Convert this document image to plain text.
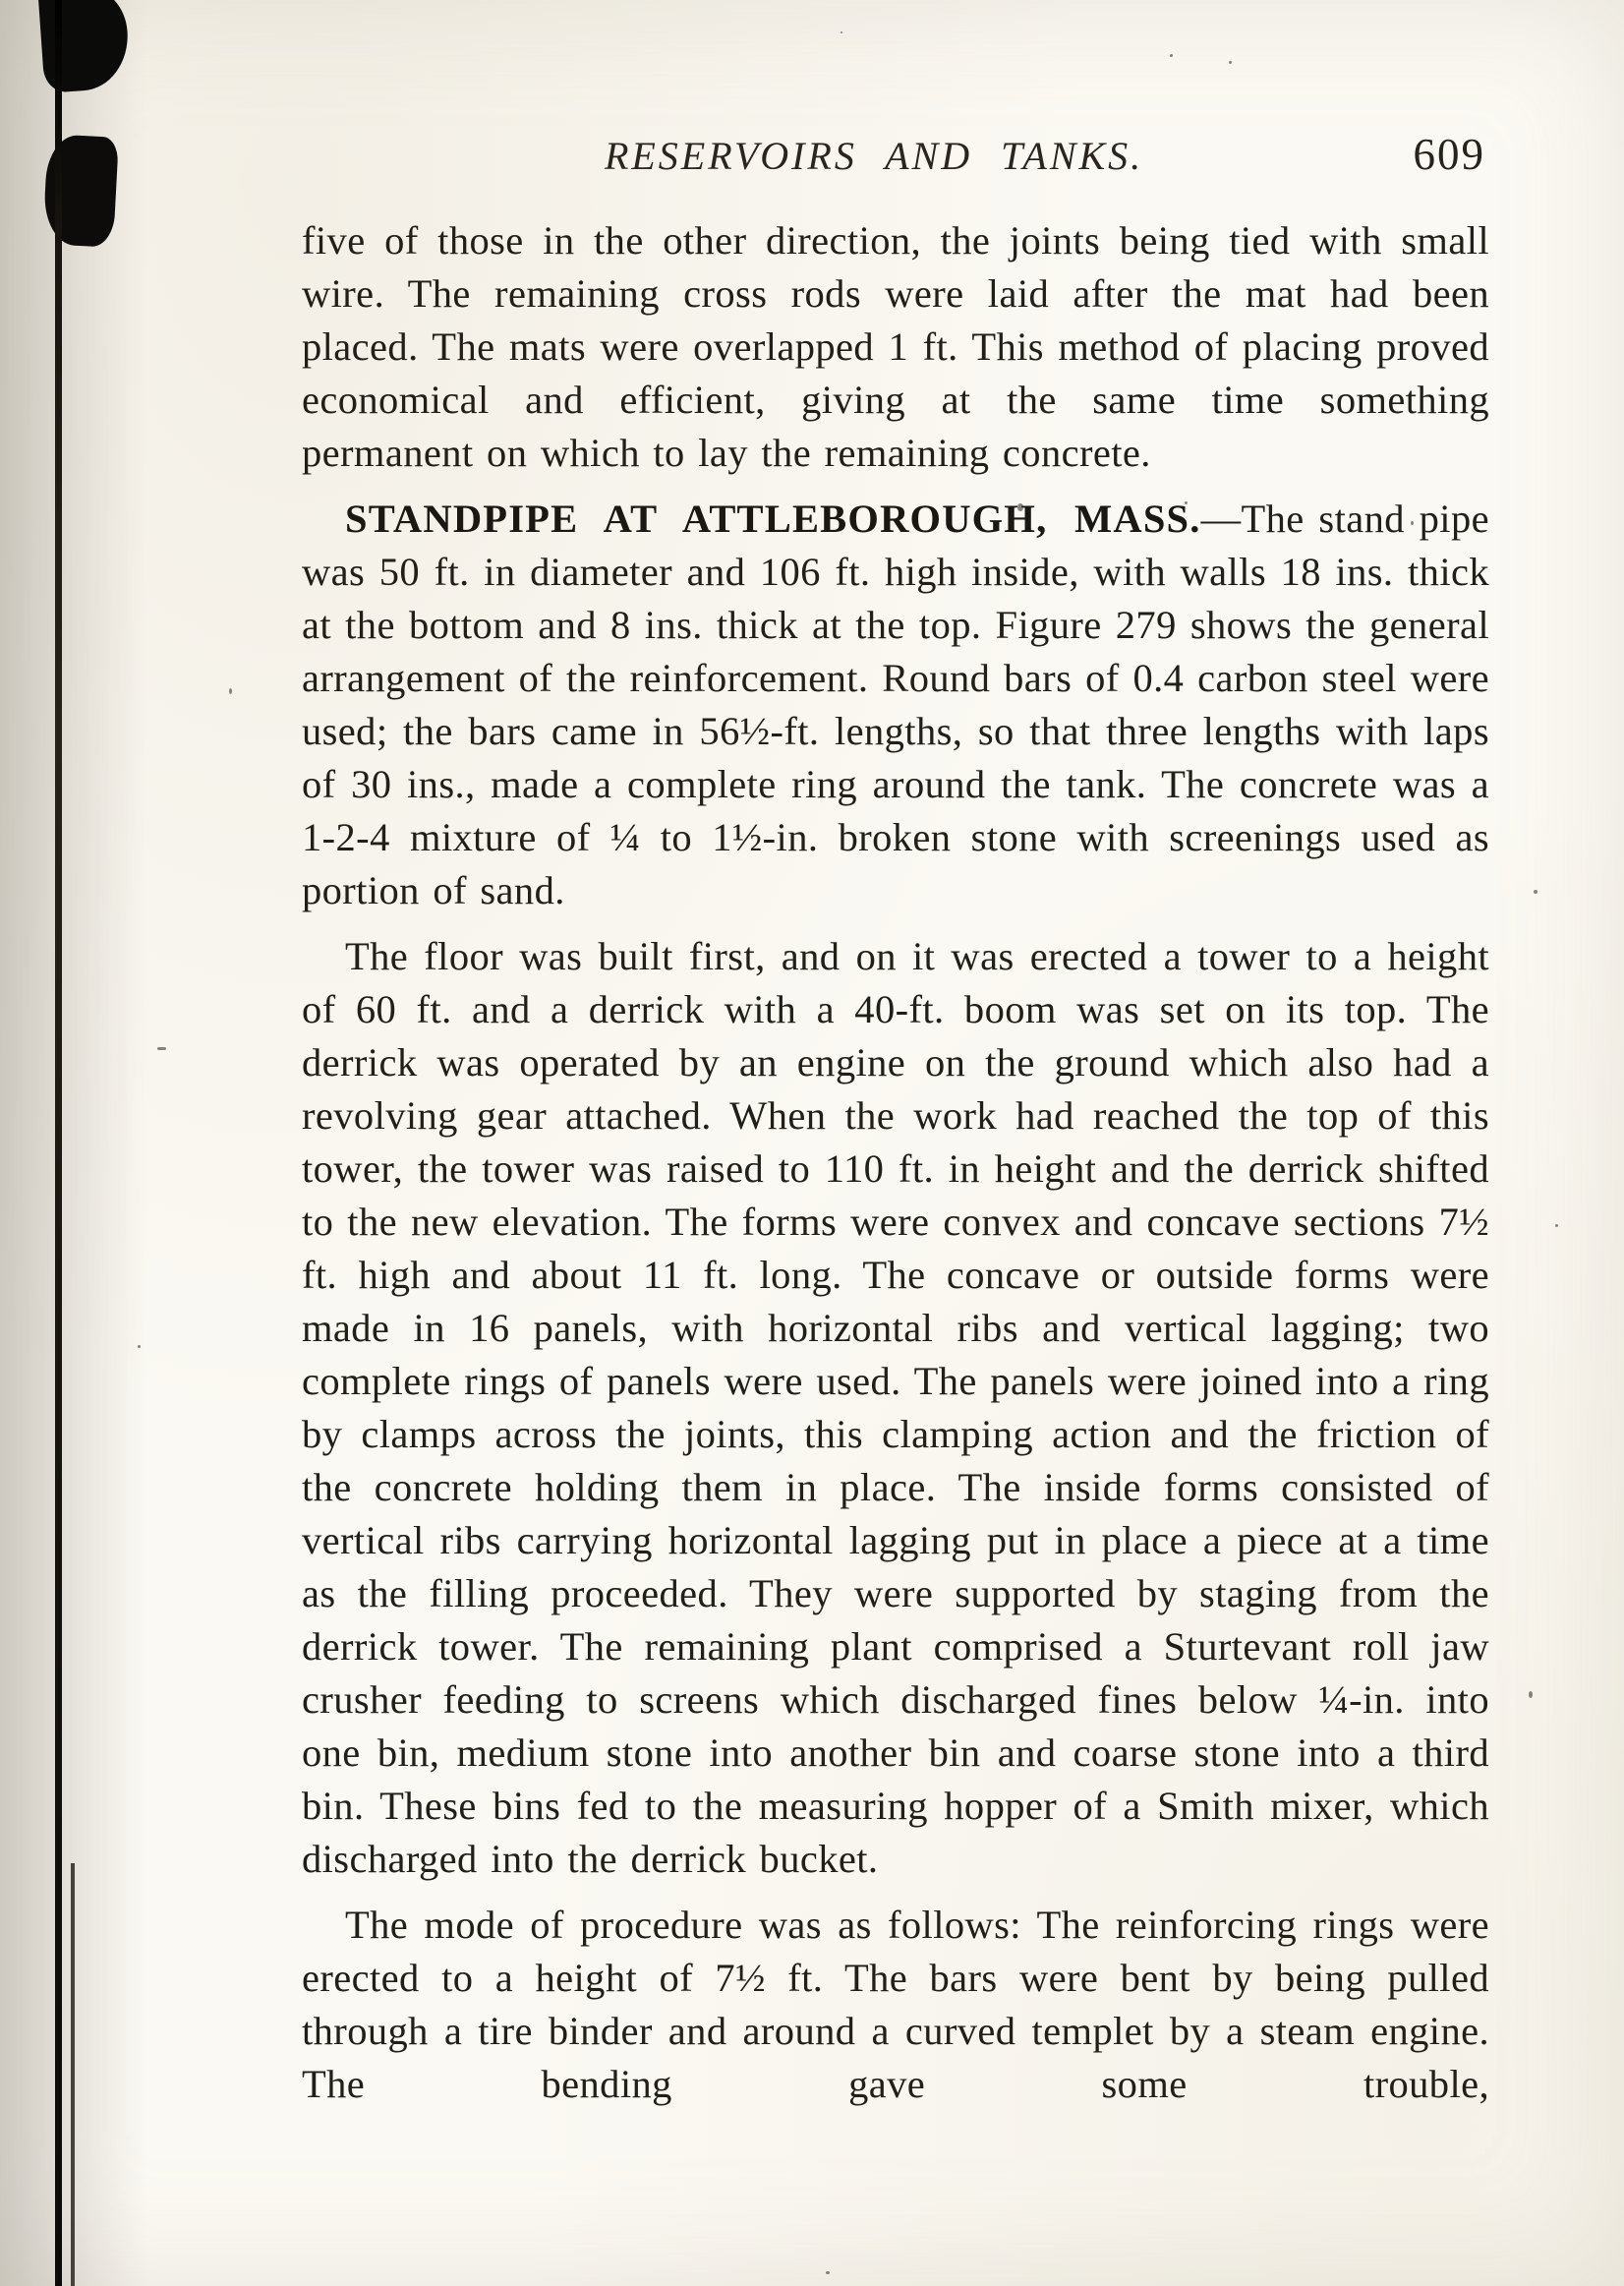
RESERVOIRS AND TANKS.	609

five of those in the other direction, the joints being tied with small wire. The remaining cross rods were laid after the mat had been placed. The mats were overlapped 1 ft. This method of placing proved economical and efficient, giving at the same time something permanent on which to lay the remaining concrete.

STANDPIPE AT ATTLEBOROUGH, MASS.—The stand pipe was 50 ft. in diameter and 106 ft. high inside, with walls 18 ins. thick at the bottom and 8 ins. thick at the top. Figure 279 shows the general arrangement of the reinforcement. Round bars of 0.4 carbon steel were used; the bars came in 56½-ft. lengths, so that three lengths with laps of 30 ins., made a complete ring around the tank. The concrete was a 1-2-4 mixture of ¼ to 1½-in. broken stone with screenings used as portion of sand.

The floor was built first, and on it was erected a tower to a height of 60 ft. and a derrick with a 40-ft. boom was set on its top. The derrick was operated by an engine on the ground which also had a revolving gear attached. When the work had reached the top of this tower, the tower was raised to 110 ft. in height and the derrick shifted to the new elevation. The forms were convex and concave sections 7½ ft. high and about 11 ft. long. The concave or outside forms were made in 16 panels, with horizontal ribs and vertical lagging; two complete rings of panels were used. The panels were joined into a ring by clamps across the joints, this clamping action and the friction of the concrete holding them in place. The inside forms consisted of vertical ribs carrying horizontal lagging put in place a piece at a time as the filling proceeded. They were supported by staging from the derrick tower. The remaining plant comprised a Sturtevant roll jaw crusher feeding to screens which discharged fines below ¼-in. into one bin, medium stone into another bin and coarse stone into a third bin. These bins fed to the measuring hopper of a Smith mixer, which discharged into the derrick bucket.

The mode of procedure was as follows: The reinforcing rings were erected to a height of 7½ ft. The bars were bent by being pulled through a tire binder and around a curved templet by a steam engine. The bending gave some trouble,
